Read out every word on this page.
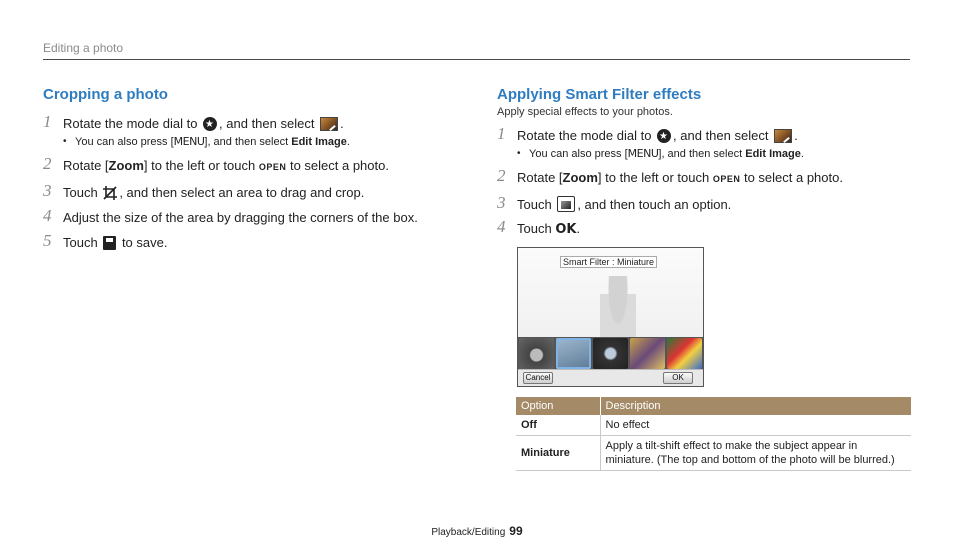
Editing a photo
Cropping a photo
1 Rotate the mode dial to ★ , and then select .
• You can also press [MENU], and then select Edit Image.
2 Rotate [Zoom] to the left or touch OPEN to select a photo.
3 Touch , and then select an area to drag and crop.
4 Adjust the size of the area by dragging the corners of the box.
5 Touch  to save.
Applying Smart Filter effects
Apply special effects to your photos.
1 Rotate the mode dial to ★ , and then select .
• You can also press [MENU], and then select Edit Image.
2 Rotate [Zoom] to the left or touch OPEN to select a photo.
3 Touch , and then touch an option.
4 Touch OK.
Smart Filter : Miniature
Cancel	OK
Option	Description
Off	No effect
Miniature	Apply a tilt-shift effect to make the subject appear in miniature. (The top and bottom of the photo will be blurred.)
Playback/Editing 99
